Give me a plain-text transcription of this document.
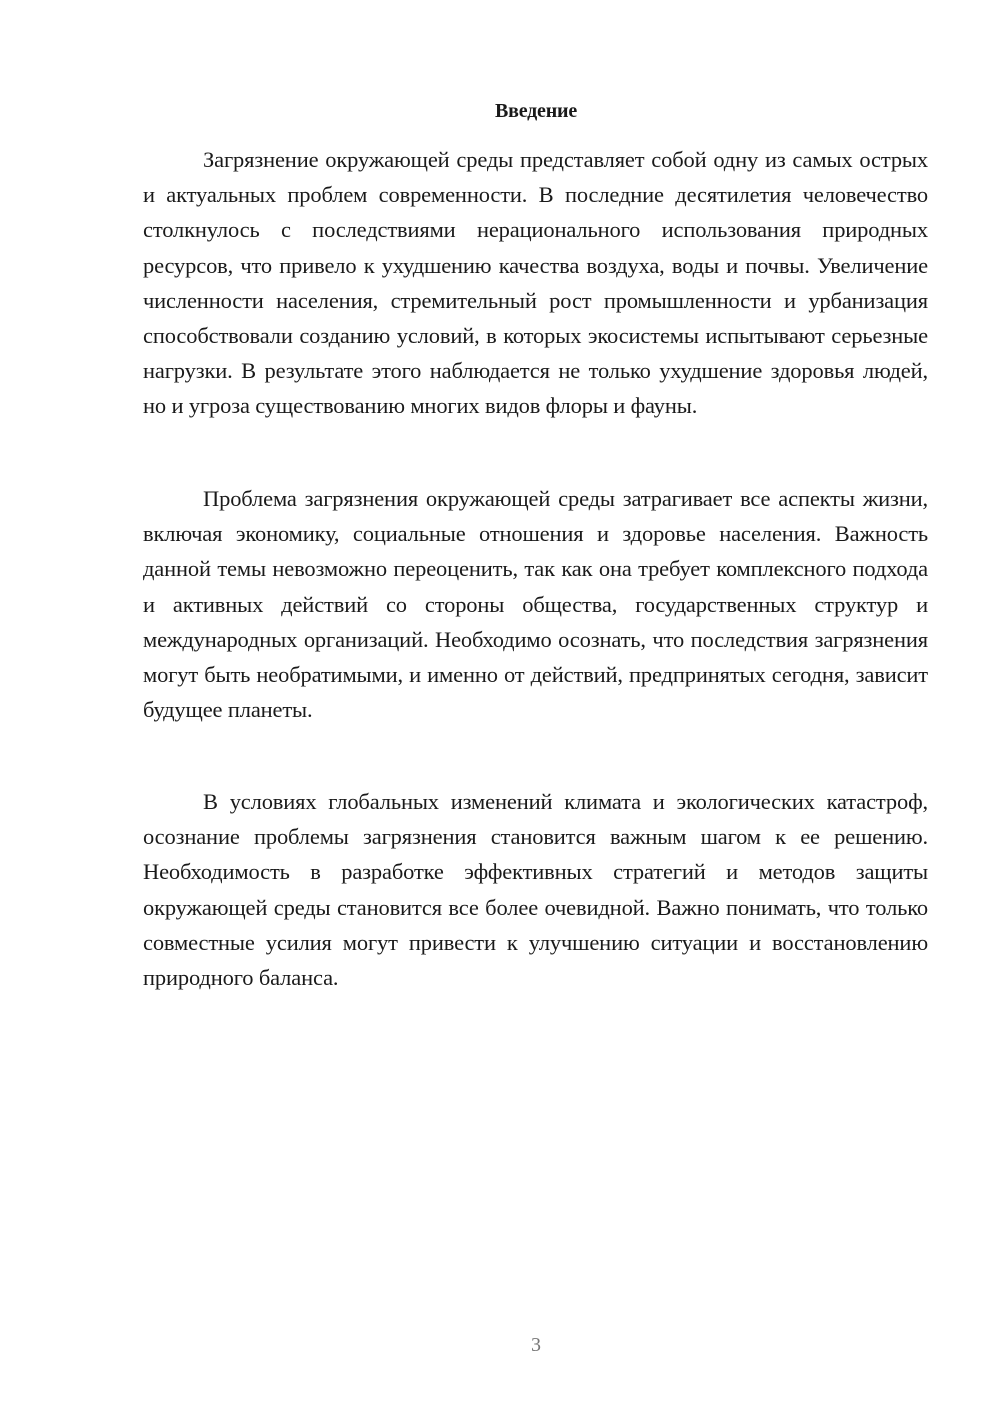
Введение

Загрязнение окружающей среды представляет собой одну из самых острых и актуальных проблем современности. В последние десятилетия человечество столкнулось с последствиями нерационального использования природных ресурсов, что привело к ухудшению качества воздуха, воды и почвы. Увеличение численности населения, стремительный рост промышленности и урбанизация способствовали созданию условий, в которых экосистемы испытывают серьезные нагрузки. В результате этого наблюдается не только ухудшение здоровья людей, но и угроза существованию многих видов флоры и фауны.

Проблема загрязнения окружающей среды затрагивает все аспекты жизни, включая экономику, социальные отношения и здоровье населения. Важность данной темы невозможно переоценить, так как она требует комплексного подхода и активных действий со стороны общества, государственных структур и международных организаций. Необходимо осознать, что последствия загрязнения могут быть необратимыми, и именно от действий, предпринятых сегодня, зависит будущее планеты.

В условиях глобальных изменений климата и экологических катастроф, осознание проблемы загрязнения становится важным шагом к ее решению. Необходимость в разработке эффективных стратегий и методов защиты окружающей среды становится все более очевидной. Важно понимать, что только совместные усилия могут привести к улучшению ситуации и восстановлению природного баланса.

3
